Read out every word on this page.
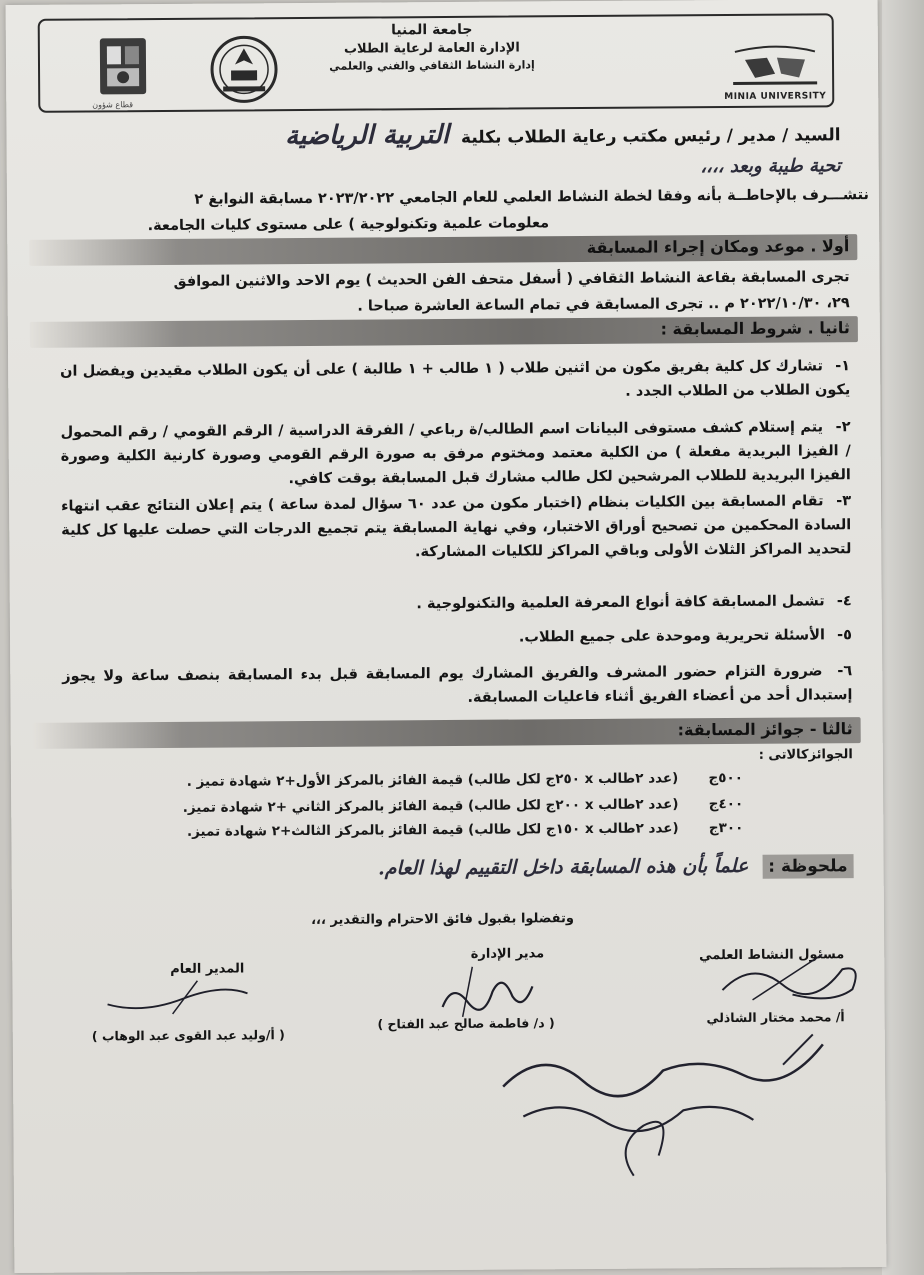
قطاع شؤون
جامعة المنيا
الإدارة العامة لرعاية الطلاب
إدارة النشاط الثقافي والفني والعلمي
MINIA UNIVERSITY
السيد / مدير / رئيس مكتب رعاية الطلاب بكلية التربية الرياضية
تحية طيبة وبعد ،،،،
نتشـــرف بالإحاطــة بأنه وفقا لخطة النشاط العلمي للعام الجامعي ٢٠٢٣/٢٠٢٢ مسابقة النوابغ ٢
معلومات علمية وتكنولوجية ) على مستوى كليات الجامعة.
أولا . موعد ومكان إجراء المسابقة
تجرى المسابقة بقاعة النشاط الثقافي ( أسفل متحف الفن الحديث ) يوم الاحد والاثنين الموافق
٢٩، ٢٠٢٢/١٠/٣٠ م .. تجرى المسابقة في تمام الساعة العاشرة صباحا .
ثانيا . شروط المسابقة :
١- تشارك كل كلية بفريق مكون من اثنين طلاب ( ١ طالب + ١ طالبة ) على أن يكون الطلاب مقيدين ويفضل ان يكون الطلاب من الطلاب الجدد .
٢- يتم إستلام كشف مستوفى البيانات اسم الطالب/ة رباعي / الفرقة الدراسية / الرقم القومي / رقم المحمول / الفيزا البريدية مفعلة ) من الكلية معتمد ومختوم مرفق به صورة الرقم القومي وصورة كارنية الكلية وصورة الفيزا البريدية للطلاب المرشحين لكل طالب مشارك قبل المسابقة بوقت كافي.
٣- تقام المسابقة بين الكليات بنظام (اختبار مكون من عدد ٦٠ سؤال لمدة ساعة ) يتم إعلان النتائج عقب انتهاء السادة المحكمين من تصحيح أوراق الاختبار، وفي نهاية المسابقة يتم تجميع الدرجات التي حصلت عليها كل كلية لتحديد المراكز الثلاث الأولى وباقي المراكز للكليات المشاركة.
٤- تشمل المسابقة كافة أنواع المعرفة العلمية والتكنولوجية .
٥- الأسئلة تحريرية وموحدة على جميع الطلاب.
٦- ضرورة التزام حضور المشرف والفريق المشارك يوم المسابقة قبل بدء المسابقة بنصف ساعة ولا يجوز إستبدال أحد من أعضاء الفريق أثناء فاعليات المسابقة.
ثالثا - جوائز المسابقة:
الجوائزكالاتى :
٥٠٠ج (عدد ٢طالب x ٢٥٠ج لكل طالب) قيمة الفائز بالمركز الأول+٢ شهادة تميز .
٤٠٠ج (عدد ٢طالب x ٢٠٠ج لكل طالب) قيمة الفائز بالمركز الثاني +٢ شهادة تميز.
٣٠٠ج (عدد ٢طالب x ١٥٠ج لكل طالب) قيمة الفائز بالمركز الثالث+٢ شهادة تميز.
ملحوظة : علماً بأن هذه المسابقة داخل التقييم لهذا العام.
وتفضلوا بقبول فائق الاحترام والتقدير ،،،
مسئول النشاط العلمي
مدير الإدارة
المدير العام
أ/ محمد مختار الشاذلي
( د/ فاطمة صالح عبد الفتاح )
( أ/وليد عبد القوى عبد الوهاب )
